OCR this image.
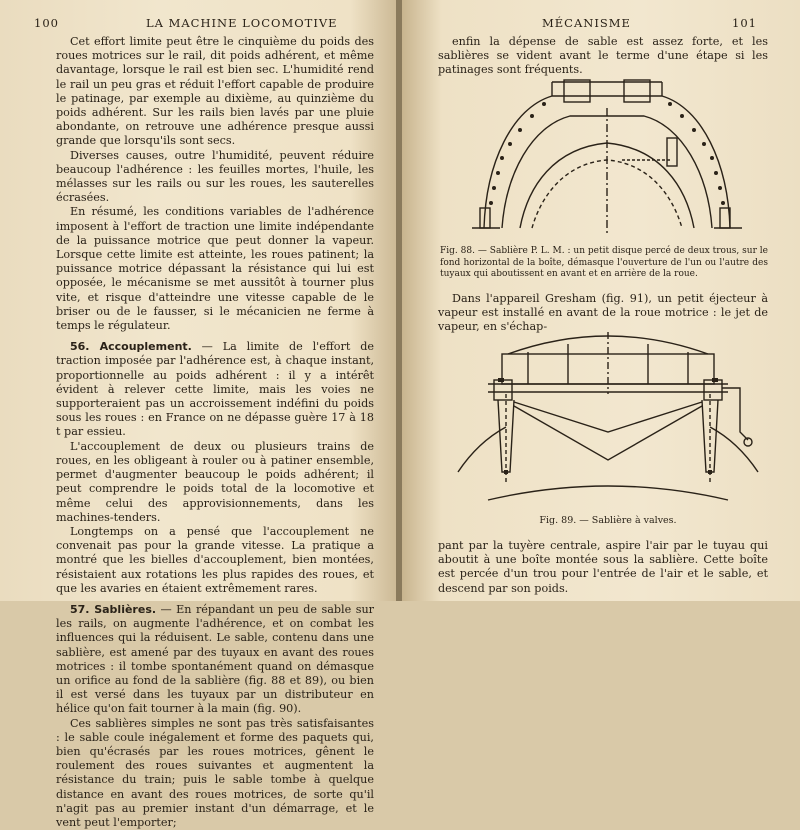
100	LA MACHINE LOCOMOTIVE

Cet effort limite peut être le cinquième du poids des roues motrices sur le rail, dit poids adhérent, et même davantage, lorsque le rail est bien sec. L'humidité rend le rail un peu gras et réduit l'effort capable de produire le patinage, par exemple au dixième, au quinzième du poids adhérent. Sur les rails bien lavés par une pluie abondante, on retrouve une adhérence presque aussi grande que lorsqu'ils sont secs.

Diverses causes, outre l'humidité, peuvent réduire beaucoup l'adhérence : les feuilles mortes, l'huile, les mélasses sur les rails ou sur les roues, les sauterelles écrasées.

En résumé, les conditions variables de l'adhérence imposent à l'effort de traction une limite indépendante de la puissance motrice que peut donner la vapeur. Lorsque cette limite est atteinte, les roues patinent; la puissance motrice dépassant la résistance qui lui est opposée, le mécanisme se met aussitôt à tourner plus vite, et risque d'atteindre une vitesse capable de le briser ou de le fausser, si le mécanicien ne ferme à temps le régulateur.

56. Accouplement. — La limite de l'effort de traction imposée par l'adhérence est, à chaque instant, proportionnelle au poids adhérent : il y a intérêt évident à relever cette limite, mais les voies ne supporteraient pas un accroissement indéfini du poids sous les roues : en France on ne dépasse guère 17 à 18 t par essieu.

L'accouplement de deux ou plusieurs trains de roues, en les obligeant à rouler ou à patiner ensemble, permet d'augmenter beaucoup le poids adhérent; il peut comprendre le poids total de la locomotive et même celui des approvisionnements, dans les machines-tenders.

Longtemps on a pensé que l'accouplement ne convenait pas pour la grande vitesse. La pratique a montré que les bielles d'accouplement, bien montées, résistaient aux rotations les plus rapides des roues, et que les avaries en étaient extrêmement rares.

57. Sablières. — En répandant un peu de sable sur les rails, on augmente l'adhérence, et on combat les influences qui la réduisent. Le sable, contenu dans une sablière, est amené par des tuyaux en avant des roues motrices : il tombe spontanément quand on démasque un orifice au fond de la sablière (fig. 88 et 89), ou bien il est versé dans les tuyaux par un distributeur en hélice qu'on fait tourner à la main (fig. 90).

Ces sablières simples ne sont pas très satisfaisantes : le sable coule inégalement et forme des paquets qui, bien qu'écrasés par les roues motrices, gênent le roulement des roues suivantes et augmentent la résistance du train; puis le sable tombe à quelque distance en avant des roues motrices, de sorte qu'il n'agit pas au premier instant d'un démarrage, et le vent peut l'emporter;

MÉCANISME	101

enfin la dépense de sable est assez forte, et les sablières se vident avant le terme d'une étape si les patinages sont fréquents.

Fig. 88. — Sablière P. L. M. : un petit disque percé de deux trous, sur le fond horizontal de la boîte, démasque l'ouverture de l'un ou l'autre des tuyaux qui aboutissent en avant et en arrière de la roue.

Dans l'appareil Gresham (fig. 91), un petit éjecteur à vapeur est installé en avant de la roue motrice : le jet de vapeur, en s'échap-

Fig. 89. — Sablière à valves.

pant par la tuyère centrale, aspire l'air par le tuyau qui aboutit à une boîte montée sous la sablière. Cette boîte est percée d'un trou pour l'entrée de l'air et le sable, et descend par son poids.
